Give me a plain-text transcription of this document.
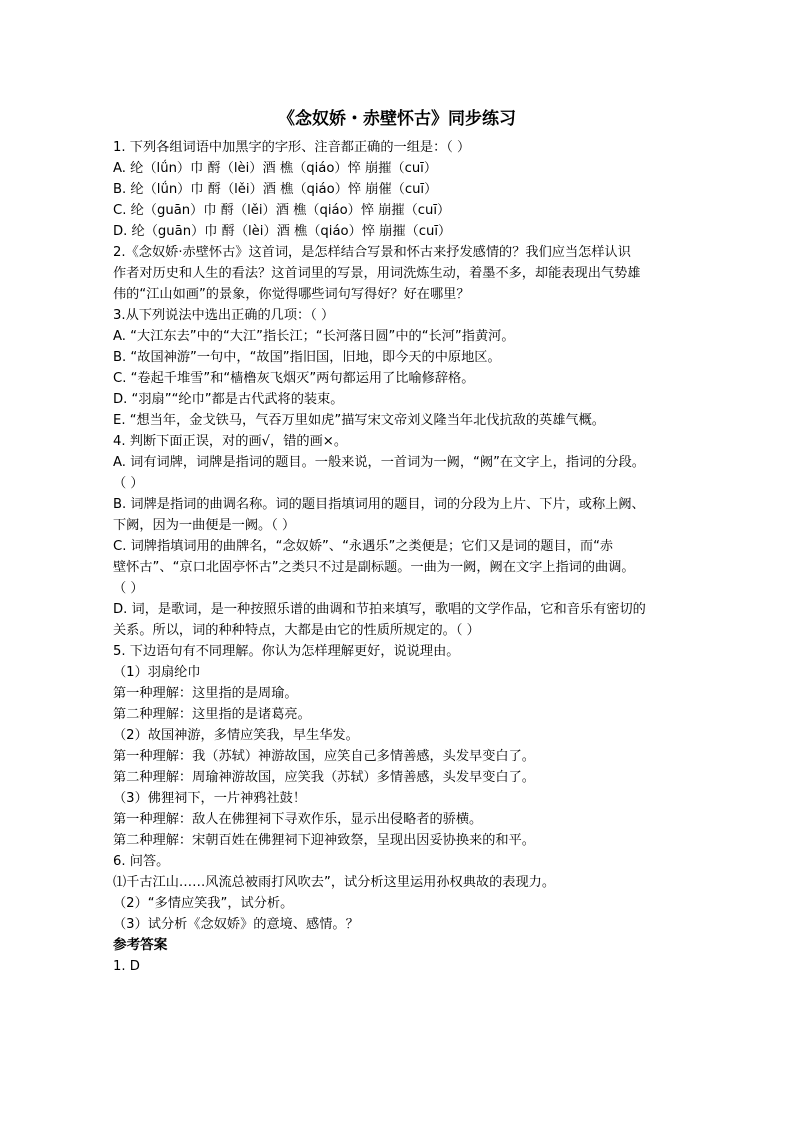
《念奴娇・赤壁怀古》同步练习
1. 下列各组词语中加黑字的字形、注音都正确的一组是：（ ）
A. 纶（lǘn）巾 酹（lèi）酒 樵（qiáo）悴 崩摧（cuī）
B. 纶（lǘn）巾 酹（lěi）酒 樵（qiáo）悴 崩催（cuī）
C. 纶（guān）巾 酹（lěi）酒 樵（qiáo）悴 崩摧（cuī）
D. 纶（guān）巾 酹（lèi）酒 樵（qiáo）悴 崩摧（cuī）
2.《念奴娇·赤壁怀古》这首词，是怎样结合写景和怀古来抒发感情的？我们应当怎样认识
作者对历史和人生的看法？这首词里的写景，用词洗炼生动，着墨不多，却能表现出气势雄
伟的“江山如画”的景象，你觉得哪些词句写得好？好在哪里？
3.从下列说法中选出正确的几项：（ ）
A. “大江东去”中的“大江”指长江；“长河落日圆”中的“长河”指黄河。
B. “故国神游”一句中，“故国”指旧国，旧地，即今天的中原地区。
C. “卷起千堆雪”和“樯橹灰飞烟灭”两句都运用了比喻修辞格。
D. “羽扇”“纶巾”都是古代武将的装束。
E. “想当年，金戈铁马，气吞万里如虎”描写宋文帝刘义隆当年北伐抗敌的英雄气概。
4. 判断下面正误，对的画√，错的画×。
A. 词有词牌，词牌是指词的题目。一般来说，一首词为一阙，“阙”在文字上，指词的分段。
（ ）
B. 词牌是指词的曲调名称。词的题目指填词用的题目，词的分段为上片、下片，或称上阙、
下阙，因为一曲便是一阙。（ ）
C. 词牌指填词用的曲牌名，“念奴娇”、“永遇乐”之类便是；它们又是词的题目，而“赤
壁怀古”、“京口北固亭怀古”之类只不过是副标题。一曲为一阙，阙在文字上指词的曲调。
（ ）
D. 词，是歌词，是一种按照乐谱的曲调和节拍来填写，歌唱的文学作品，它和音乐有密切的
关系。所以，词的种种特点，大都是由它的性质所规定的。（ ）
5. 下边语句有不同理解。你认为怎样理解更好，说说理由。
（1）羽扇纶巾
第一种理解：这里指的是周瑜。
第二种理解：这里指的是诸葛亮。
（2）故国神游，多情应笑我，早生华发。
第一种理解：我（苏轼）神游故国，应笑自己多情善感，头发早变白了。
第二种理解：周瑜神游故国，应笑我（苏轼）多情善感，头发早变白了。
（3）佛狸祠下，一片神鸦社鼓！
第一种理解：敌人在佛狸祠下寻欢作乐，显示出侵略者的骄横。
第二种理解：宋朝百姓在佛狸祠下迎神致祭，呈现出因妥协换来的和平。
6. 问答。
⑴千古江山……风流总被雨打风吹去”，试分析这里运用孙权典故的表现力。
（2）“多情应笑我”，试分析。
（3）试分析《念奴娇》的意境、感情。？
参考答案
1. D
